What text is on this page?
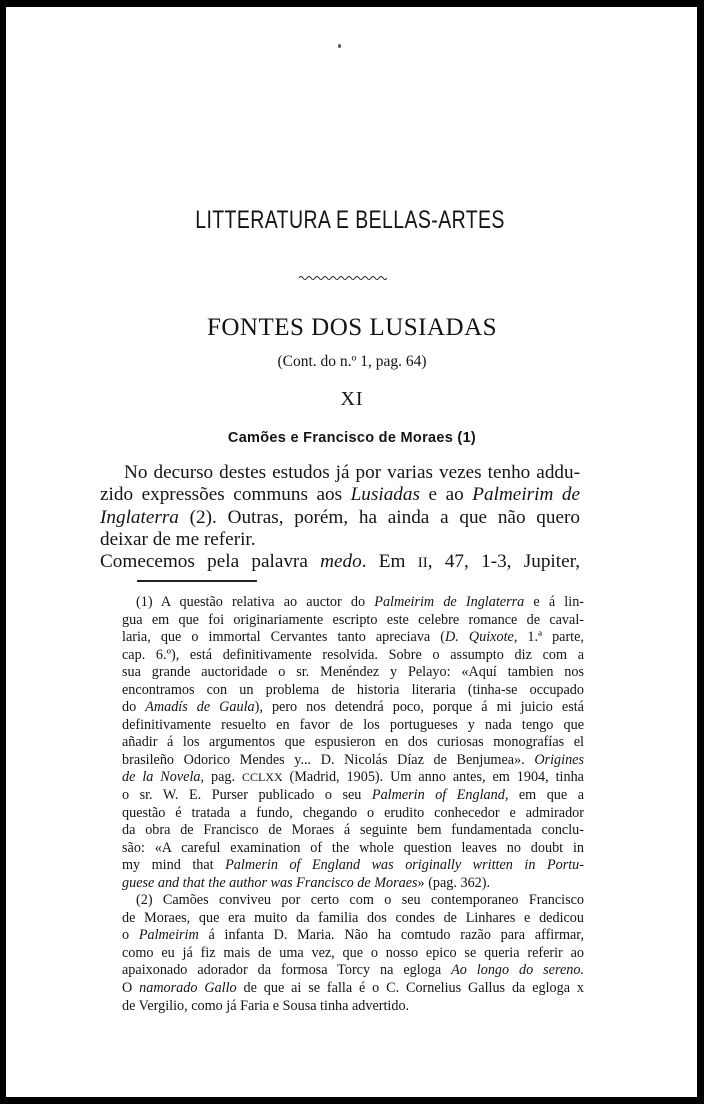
LITTERATURA E BELLAS-ARTES
FONTES DOS LUSIADAS
(Cont. do n.º 1, pag. 64)
XI
Camões e Francisco de Moraes (1)
No decurso destes estudos já por varias vezes tenho addu-
zido expressões communs aos Lusiadas e ao Palmeirim de
Inglaterra (2). Outras, porém, ha ainda a que não quero
deixar de me referir.
Comecemos pela palavra medo. Em II, 47, 1-3, Jupiter,
(1) A questão relativa ao auctor do Palmeirim de Inglaterra e á lin-
gua em que foi originariamente escripto este celebre romance de caval-
laria, que o immortal Cervantes tanto apreciava (D. Quixote, 1.ª parte,
cap. 6.º), está definitivamente resolvida. Sobre o assumpto diz com a
sua grande auctoridade o sr. Menéndez y Pelayo: «Aquí tambien nos
encontramos con un problema de historia literaria (tinha-se occupado
do Amadís de Gaula), pero nos detendrá poco, porque á mi juicio está
definitivamente resuelto en favor de los portugueses y nada tengo que
añadir á los argumentos que espusieron en dos curiosas monografías el
brasileño Odorico Mendes y... D. Nicolás Díaz de Benjumea». Origines
de la Novela, pag. CCLXX (Madrid, 1905). Um anno antes, em 1904, tinha
o sr. W. E. Purser publicado o seu Palmerin of England, em que a
questão é tratada a fundo, chegando o erudito conhecedor e admirador
da obra de Francisco de Moraes á seguinte bem fundamentada conclu-
são: «A careful examination of the whole question leaves no doubt in
my mind that Palmerin of England was originally written in Portu-
guese and that the author was Francisco de Moraes» (pag. 362).
(2) Camões conviveu por certo com o seu contemporaneo Francisco
de Moraes, que era muito da familia dos condes de Linhares e dedicou
o Palmeirim á infanta D. Maria. Não ha comtudo razão para affirmar,
como eu já fiz mais de uma vez, que o nosso epico se queria referir ao
apaixonado adorador da formosa Torcy na egloga Ao longo do sereno.
O namorado Gallo de que ai se falla é o C. Cornelius Gallus da egloga x
de Vergilio, como já Faria e Sousa tinha advertido.
